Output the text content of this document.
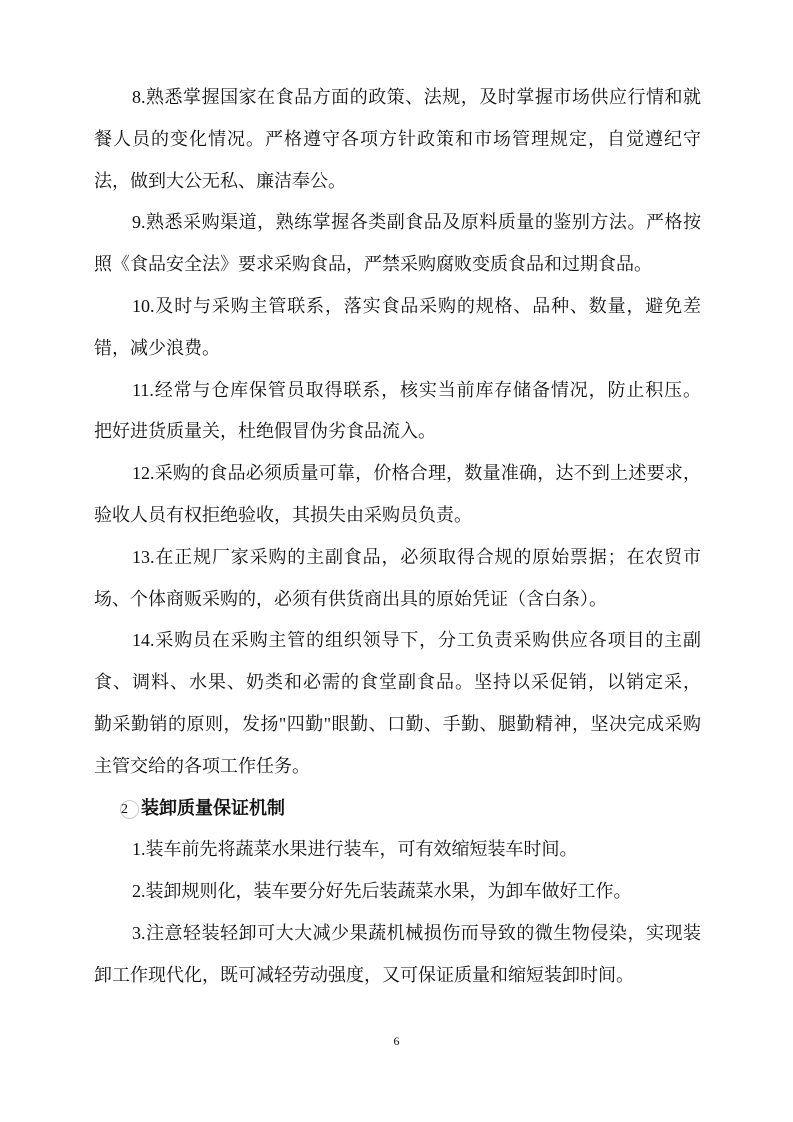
8.熟悉掌握国家在食品方面的政策、法规，及时掌握市场供应行情和就
餐人员的变化情况。严格遵守各项方针政策和市场管理规定，自觉遵纪守
法，做到大公无私、廉洁奉公。
9.熟悉采购渠道，熟练掌握各类副食品及原料质量的鉴别方法。严格按
照《食品安全法》要求采购食品，严禁采购腐败变质食品和过期食品。
10.及时与采购主管联系，落实食品采购的规格、品种、数量，避免差
错，减少浪费。
11.经常与仓库保管员取得联系，核实当前库存储备情况，防止积压。
把好进货质量关，杜绝假冒伪劣食品流入。
12.采购的食品必须质量可靠，价格合理，数量准确，达不到上述要求，
验收人员有权拒绝验收，其损失由采购员负责。
13.在正规厂家采购的主副食品，必须取得合规的原始票据；在农贸市
场、个体商贩采购的，必须有供货商出具的原始凭证（含白条）。
14.采购员在采购主管的组织领导下，分工负责采购供应各项目的主副
食、调料、水果、奶类和必需的食堂副食品。坚持以采促销，以销定采，
勤采勤销的原则，发扬"四勤"眼勤、口勤、手勤、腿勤精神，坚决完成采购
主管交给的各项工作任务。
2 装卸质量保证机制
1.装车前先将蔬菜水果进行装车，可有效缩短装车时间。
2.装卸规则化，装车要分好先后装蔬菜水果，为卸车做好工作。
3.注意轻装轻卸可大大减少果蔬机械损伤而导致的微生物侵染，实现装
卸工作现代化，既可减轻劳动强度，又可保证质量和缩短装卸时间。
6
